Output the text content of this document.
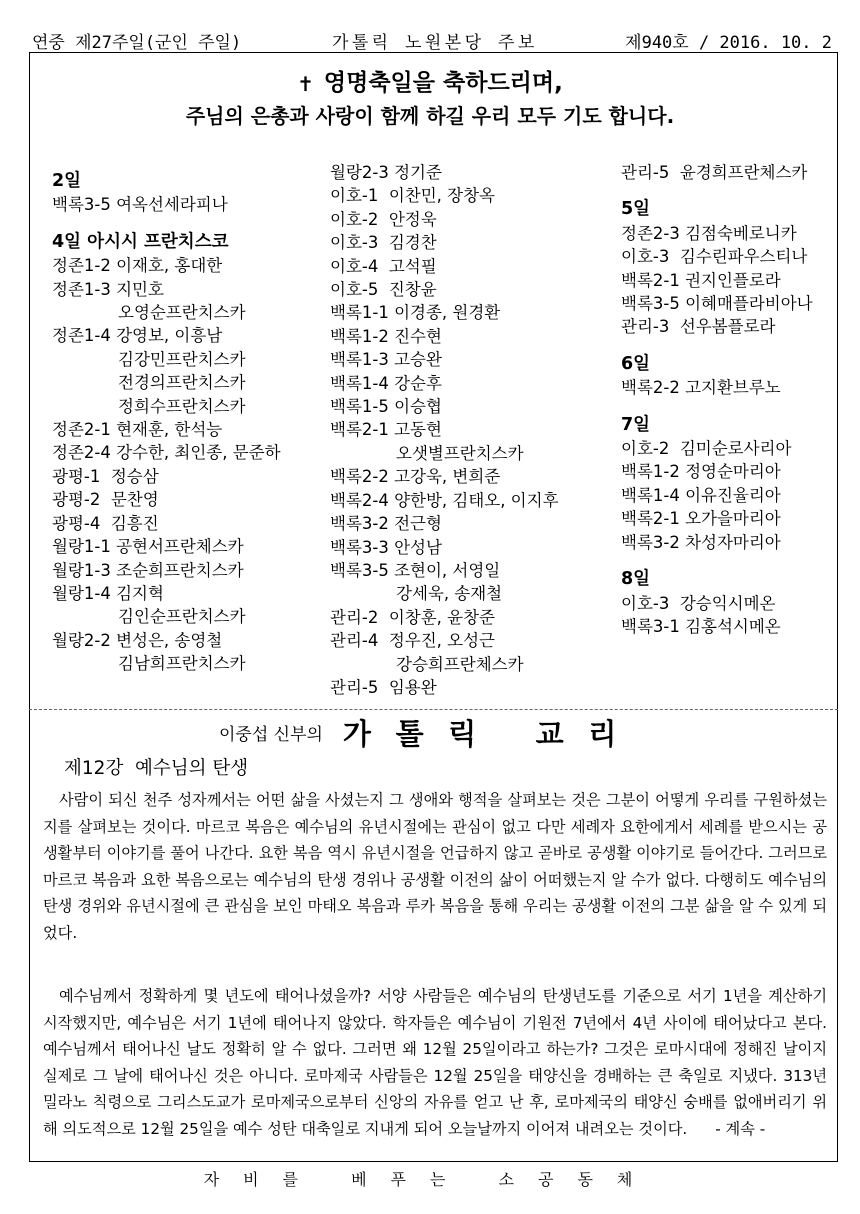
연중 제27주일(군인 주일)	가톨릭 노원본당 주보	제940호 / 2016. 10. 2
✝ 영명축일을 축하드리며,
주님의 은총과 사랑이 함께 하길 우리 모두 기도 합니다.
2일
백록3-5 여옥선세라피나
4일 아시시 프란치스코
정존1-2 이재호, 홍대한
정존1-3 지민호
오영순프란치스카
정존1-4 강영보, 이흥남
김강민프란치스카
전경의프란치스카
정희수프란치스카
정존2-1 현재훈, 한석능
정존2-4 강수한, 최인종, 문준하
광평-1  정승삼
광평-2  문찬영
광평-4  김흥진
월랑1-1 공현서프란체스카
월랑1-3 조순희프란치스카
월랑1-4 김지혁
김인순프란치스카
월랑2-2 변성은, 송영철
김남희프란치스카
월랑2-3 정기준
이호-1  이찬민, 장창옥
이호-2  안정욱
이호-3  김경찬
이호-4  고석필
이호-5  진창윤
백록1-1 이경종, 원경환
백록1-2 진수현
백록1-3 고승완
백록1-4 강순후
백록1-5 이승협
백록2-1 고동현
오샛별프란치스카
백록2-2 고강욱, 변희준
백록2-4 양한방, 김태오, 이지후
백록3-2 전근형
백록3-3 안성남
백록3-5 조현이, 서영일
강세욱, 송재철
관리-2  이창훈, 윤창준
관리-4  정우진, 오성근
강승희프란체스카
관리-5  임용완
관리-5  윤경희프란체스카
5일
정존2-3 김점숙베로니카
이호-3  김수린파우스티나
백록2-1 권지인플로라
백록3-5 이혜매플라비아나
관리-3  선우봄플로라
6일
백록2-2 고지환브루노
7일
이호-2  김미순로사리아
백록1-2 정영순마리아
백록1-4 이유진율리아
백록2-1 오가을마리아
백록3-2 차성자마리아
8일
이호-3  강승익시메온
백록3-1 김홍석시메온
이중섭 신부의 가톨릭 교리
제12강  예수님의 탄생
사람이 되신 천주 성자께서는 어떤 삶을 사셨는지 그 생애와 행적을 살펴보는 것은 그분이 어떻게 우리를 구원하셨는지를 살펴보는 것이다. 마르코 복음은 예수님의 유년시절에는 관심이 없고 다만 세례자 요한에게서 세례를 받으시는 공생활부터 이야기를 풀어 나간다. 요한 복음 역시 유년시절을 언급하지 않고 곧바로 공생활 이야기로 들어간다. 그러므로 마르코 복음과 요한 복음으로는 예수님의 탄생 경위나 공생활 이전의 삶이 어떠했는지 알 수가 없다. 다행히도 예수님의 탄생 경위와 유년시절에 큰 관심을 보인 마태오 복음과 루카 복음을 통해 우리는 공생활 이전의 그분 삶을 알 수 있게 되었다.
예수님께서 정확하게 몇 년도에 태어나셨을까? 서양 사람들은 예수님의 탄생년도를 기준으로 서기 1년을 계산하기 시작했지만, 예수님은 서기 1년에 태어나지 않았다. 학자들은 예수님이 기원전 7년에서 4년 사이에 태어났다고 본다. 예수님께서 태어나신 날도 정확히 알 수 없다. 그러면 왜 12월 25일이라고 하는가? 그것은 로마시대에 정해진 날이지 실제로 그 날에 태어나신 것은 아니다. 로마제국 사람들은 12월 25일을 태양신을 경배하는 큰 축일로 지냈다. 313년 밀라노 칙령으로 그리스도교가 로마제국으로부터 신앙의 자유를 얻고 난 후, 로마제국의 태양신 숭배를 없애버리기 위해 의도적으로 12월 25일을 예수 성탄 대축일로 지내게 되어 오늘날까지 이어져 내려오는 것이다. - 계속 -
자비를 베푸는 소공동체
